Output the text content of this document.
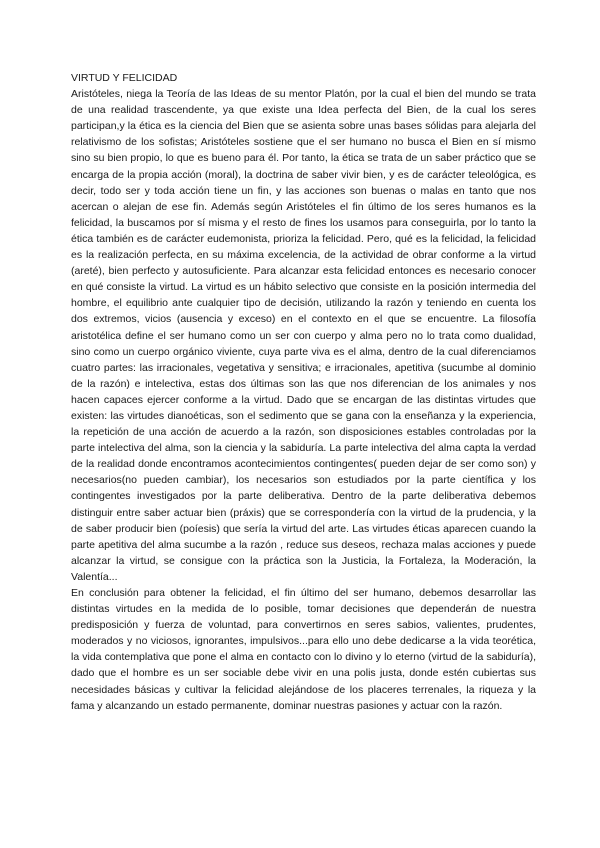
VIRTUD Y FELICIDAD

Aristóteles, niega la Teoría de las Ideas de su mentor Platón, por la cual el bien del mundo se trata de una realidad trascendente, ya que existe una Idea perfecta del Bien, de la cual los seres participan,y la ética es la ciencia del Bien que se asienta sobre unas bases sólidas para alejarla del relativismo de los sofistas; Aristóteles sostiene que el ser humano no busca el Bien en sí mismo sino su bien propio, lo que es bueno para él. Por tanto, la ética se trata de un saber práctico que se encarga de la propia acción (moral), la doctrina de saber vivir bien, y es de carácter teleológica, es decir, todo ser y toda acción tiene un fin, y las acciones son buenas o malas en tanto que nos acercan o alejan de ese fin. Además según Aristóteles el fin último de los seres humanos es la felicidad, la buscamos por sí misma y el resto de fines los usamos para conseguirla, por lo tanto la ética también es de carácter eudemonista, prioriza la felicidad. Pero, qué es la felicidad, la felicidad es la realización perfecta, en su máxima excelencia, de la actividad de obrar conforme a la virtud (areté), bien perfecto y autosuficiente. Para alcanzar esta felicidad entonces es necesario conocer en qué consiste la virtud. La virtud es un hábito selectivo que consiste en la posición intermedia del hombre, el equilibrio ante cualquier tipo de decisión, utilizando la razón y teniendo en cuenta los dos extremos, vicios (ausencia y exceso) en el contexto en el que se encuentre. La filosofía aristotélica define el ser humano como un ser con cuerpo y alma pero no lo trata como dualidad, sino como un cuerpo orgánico viviente, cuya parte viva es el alma, dentro de la cual diferenciamos cuatro partes: las irracionales, vegetativa y sensitiva; e irracionales, apetitiva (sucumbe al dominio de la razón) e intelectiva, estas dos últimas son las que nos diferencian de los animales y nos hacen capaces ejercer conforme a la virtud. Dado que se encargan de las distintas virtudes que existen: las virtudes dianoéticas, son el sedimento que se gana con la enseñanza y la experiencia, la repetición de una acción de acuerdo a la razón, son disposiciones estables controladas por la parte intelectiva del alma, son la ciencia y la sabiduría. La parte intelectiva del alma capta la verdad de la realidad donde encontramos acontecimientos contingentes( pueden dejar de ser como son) y necesarios(no pueden cambiar), los necesarios son estudiados por la parte científica y los contingentes investigados por la parte deliberativa. Dentro de la parte deliberativa debemos distinguir entre saber actuar bien (práxis) que se correspondería con la virtud de la prudencia, y la de saber producir bien (poíesis) que sería la virtud del arte. Las virtudes éticas aparecen cuando la parte apetitiva del alma sucumbe a la razón , reduce sus deseos, rechaza malas acciones y puede alcanzar la virtud, se consigue con la práctica son la Justicia, la Fortaleza, la Moderación, la Valentía...

En conclusión para obtener la felicidad, el fin último del ser humano, debemos desarrollar las distintas virtudes en la medida de lo posible, tomar decisiones que dependerán de nuestra predisposición y fuerza de voluntad, para convertirnos en seres sabios, valientes, prudentes, moderados y no viciosos, ignorantes, impulsivos...para ello uno debe dedicarse a la vida teorética, la vida contemplativa que pone el alma en contacto con lo divino y lo eterno (virtud de la sabiduría), dado que el hombre es un ser sociable debe vivir en una polis justa, donde estén cubiertas sus necesidades básicas y cultivar la felicidad alejándose de los placeres terrenales, la riqueza y la fama y alcanzando un estado permanente, dominar nuestras pasiones y actuar con la razón.
